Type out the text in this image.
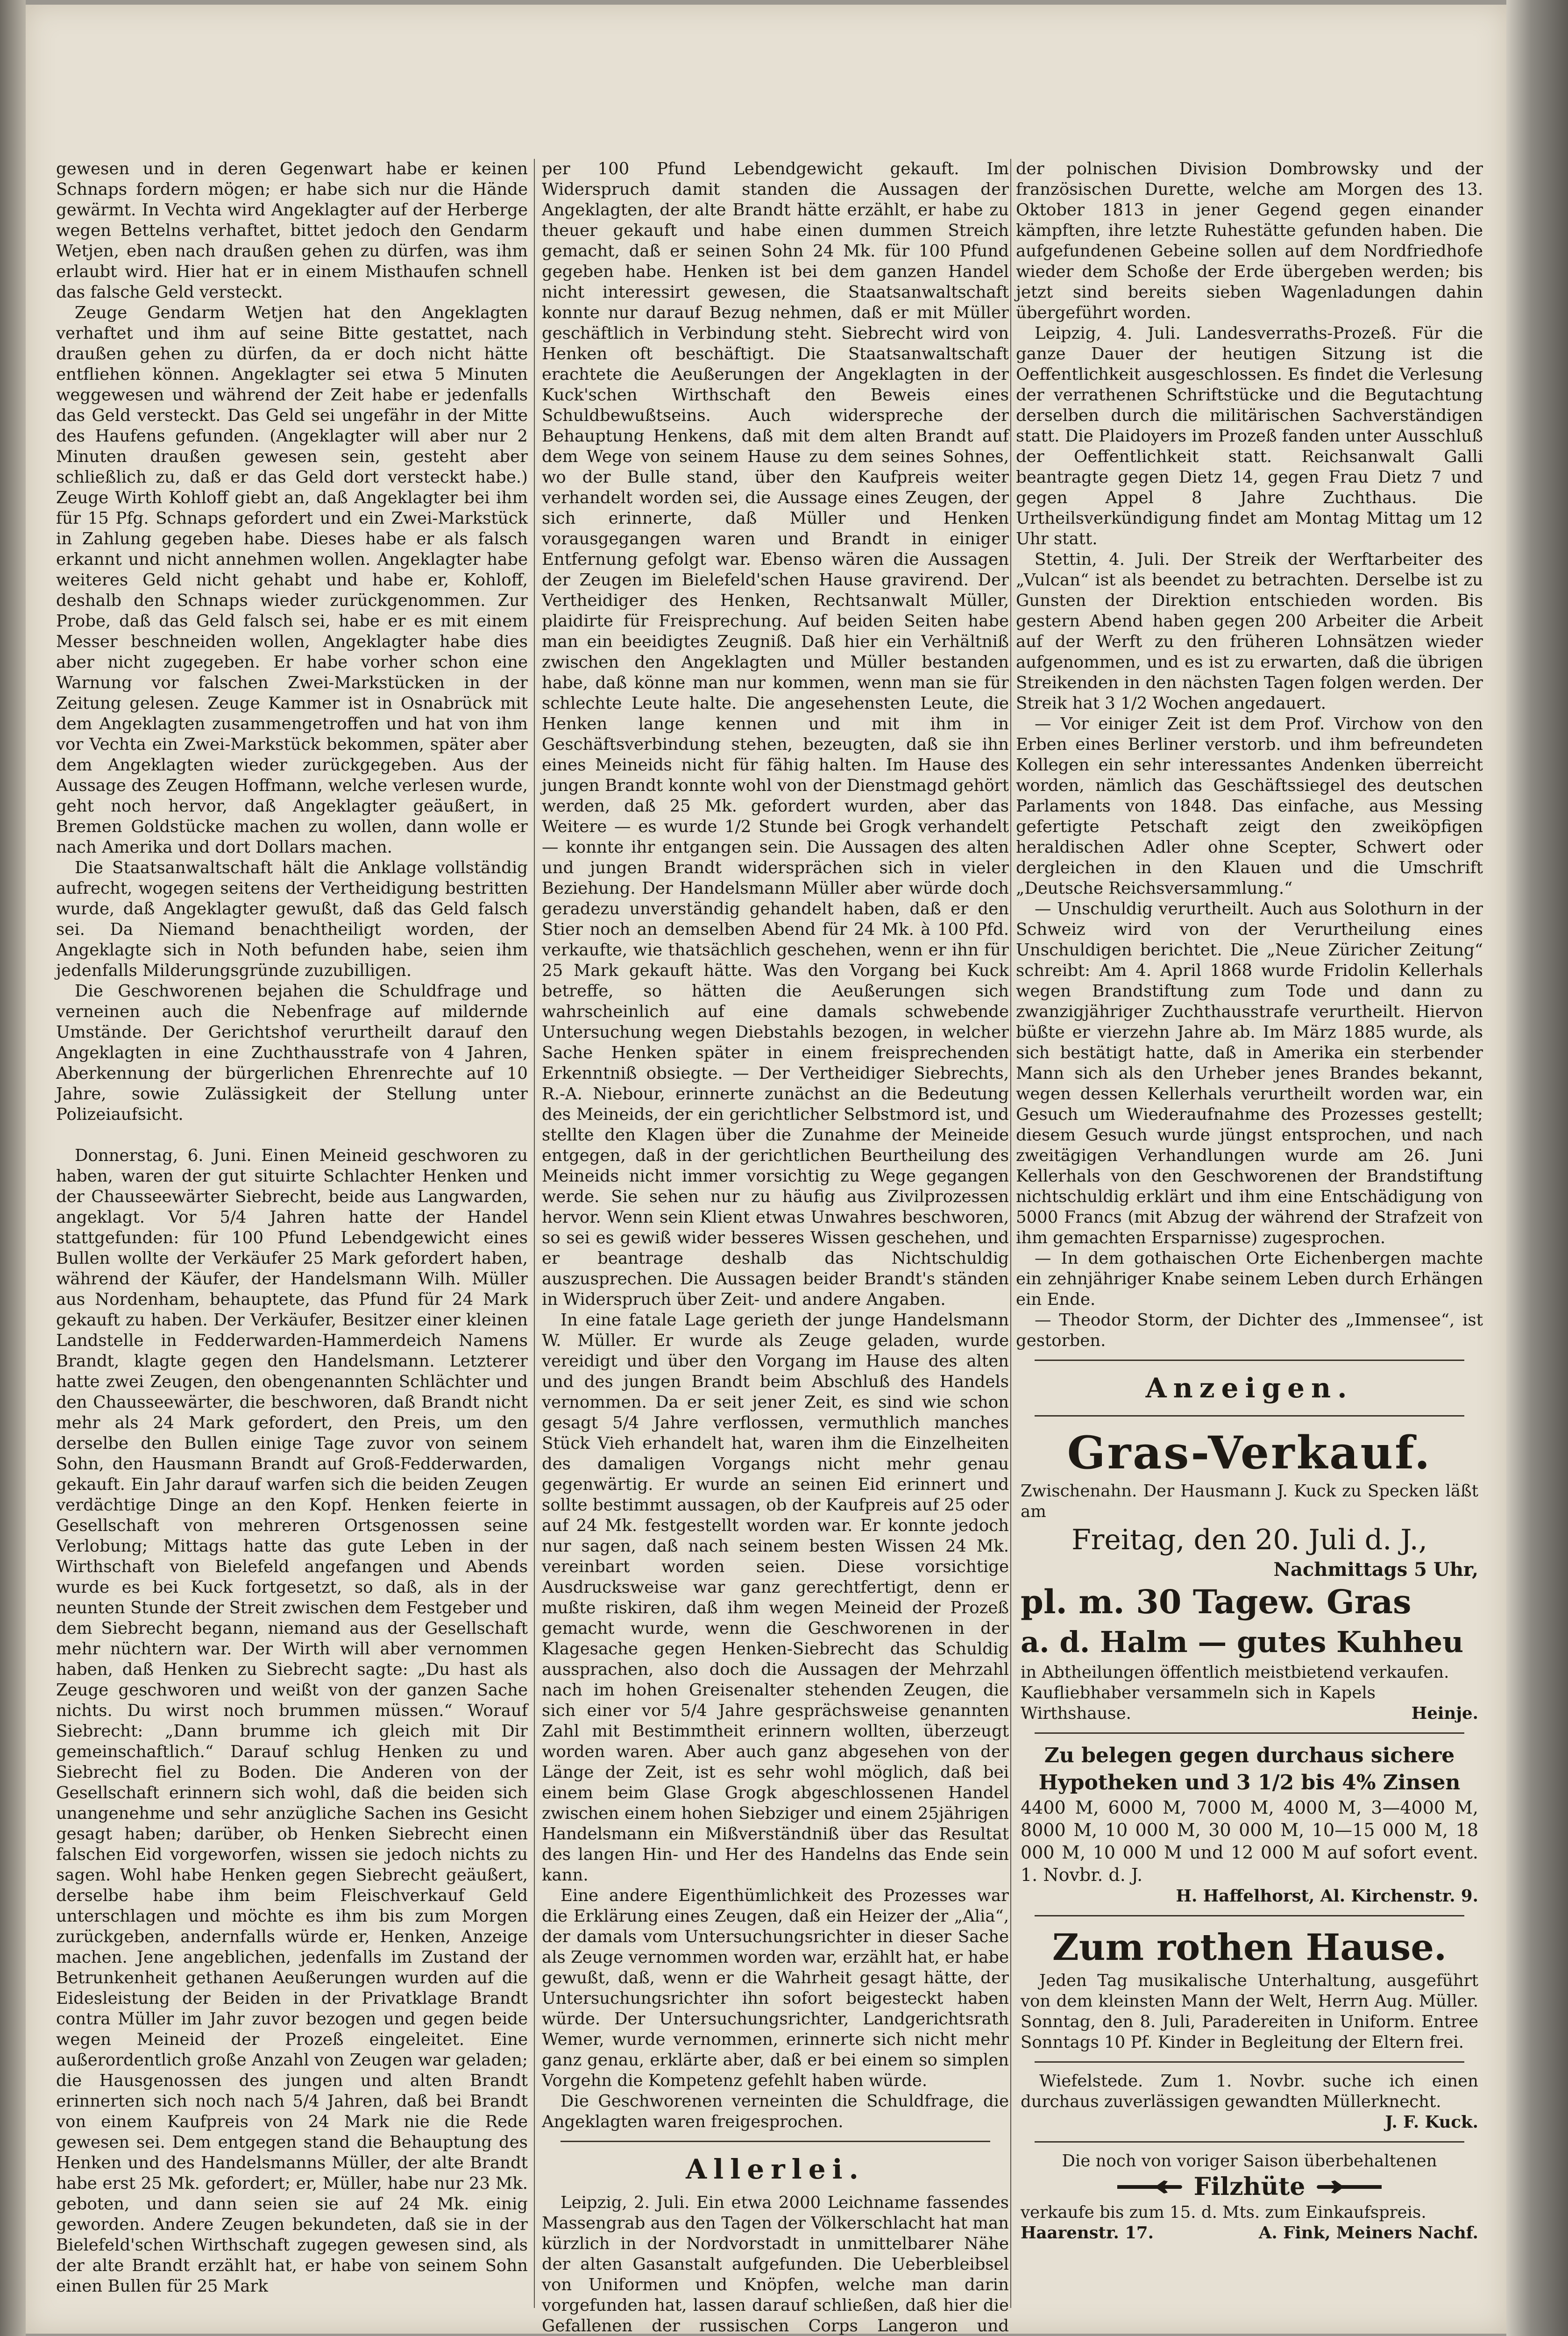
gewesen und in deren Gegenwart habe er keinen Schnaps fordern mögen; er habe sich nur die Hände gewärmt. In Vechta wird Angeklagter auf der Herberge wegen Bettelns verhaftet, bittet jedoch den Gendarm Wetjen, eben nach draußen gehen zu dürfen, was ihm erlaubt wird. Hier hat er in einem Misthaufen schnell das falsche Geld versteckt.

Zeuge Gendarm Wetjen hat den Angeklagten verhaftet und ihm auf seine Bitte gestattet, nach draußen gehen zu dürfen, da er doch nicht hätte entfliehen können. Angeklagter sei etwa 5 Minuten weggewesen und während der Zeit habe er jedenfalls das Geld versteckt. Das Geld sei ungefähr in der Mitte des Haufens gefunden. (Angeklagter will aber nur 2 Minuten draußen gewesen sein, gesteht aber schließlich zu, daß er das Geld dort versteckt habe.) Zeuge Wirth Kohloff giebt an, daß Angeklagter bei ihm für 15 Pfg. Schnaps gefordert und ein Zwei-Markstück in Zahlung gegeben habe. Dieses habe er als falsch erkannt und nicht annehmen wollen. Angeklagter habe weiteres Geld nicht gehabt und habe er, Kohloff, deshalb den Schnaps wieder zurückgenommen. Zur Probe, daß das Geld falsch sei, habe er es mit einem Messer beschneiden wollen, Angeklagter habe dies aber nicht zugegeben. Er habe vorher schon eine Warnung vor falschen Zwei-Markstücken in der Zeitung gelesen. Zeuge Kammer ist in Osnabrück mit dem Angeklagten zusammengetroffen und hat von ihm vor Vechta ein Zwei-Markstück bekommen, später aber dem Angeklagten wieder zurückgegeben. Aus der Aussage des Zeugen Hoffmann, welche verlesen wurde, geht noch hervor, daß Angeklagter geäußert, in Bremen Goldstücke machen zu wollen, dann wolle er nach Amerika und dort Dollars machen.

Die Staatsanwaltschaft hält die Anklage vollständig aufrecht, wogegen seitens der Vertheidigung bestritten wurde, daß Angeklagter gewußt, daß das Geld falsch sei. Da Niemand benachtheiligt worden, der Angeklagte sich in Noth befunden habe, seien ihm jedenfalls Milderungsgründe zuzubilligen.

Die Geschworenen bejahen die Schuldfrage und verneinen auch die Nebenfrage auf mildernde Umstände. Der Gerichtshof verurtheilt darauf den Angeklagten in eine Zuchthausstrafe von 4 Jahren, Aberkennung der bürgerlichen Ehrenrechte auf 10 Jahre, sowie Zulässigkeit der Stellung unter Polizeiaufsicht.

Donnerstag, 6. Juni. Einen Meineid geschworen zu haben, waren der gut situirte Schlachter Henken und der Chausseewärter Siebrecht, beide aus Langwarden, angeklagt. Vor 5/4 Jahren hatte der Handel stattgefunden: für 100 Pfund Lebendgewicht eines Bullen wollte der Verkäufer 25 Mark gefordert haben, während der Käufer, der Handelsmann Wilh. Müller aus Nordenham, behauptete, das Pfund für 24 Mark gekauft zu haben. Der Verkäufer, Besitzer einer kleinen Landstelle in Fedderwarden-Hammerdeich Namens Brandt, klagte gegen den Handelsmann. Letzterer hatte zwei Zeugen, den obengenannten Schlächter und den Chausseewärter, die beschworen, daß Brandt nicht mehr als 24 Mark gefordert, den Preis, um den derselbe den Bullen einige Tage zuvor von seinem Sohn, den Hausmann Brandt auf Groß-Fedderwarden, gekauft. Ein Jahr darauf warfen sich die beiden Zeugen verdächtige Dinge an den Kopf. Henken feierte in Gesellschaft von mehreren Ortsgenossen seine Verlobung; Mittags hatte das gute Leben in der Wirthschaft von Bielefeld angefangen und Abends wurde es bei Kuck fortgesetzt, so daß, als in der neunten Stunde der Streit zwischen dem Festgeber und dem Siebrecht begann, niemand aus der Gesellschaft mehr nüchtern war. Der Wirth will aber vernommen haben, daß Henken zu Siebrecht sagte: „Du hast als Zeuge geschworen und weißt von der ganzen Sache nichts. Du wirst noch brummen müssen.“ Worauf Siebrecht: „Dann brumme ich gleich mit Dir gemeinschaftlich.“ Darauf schlug Henken zu und Siebrecht fiel zu Boden. Die Anderen von der Gesellschaft erinnern sich wohl, daß die beiden sich unangenehme und sehr anzügliche Sachen ins Gesicht gesagt haben; darüber, ob Henken Siebrecht einen falschen Eid vorgeworfen, wissen sie jedoch nichts zu sagen. Wohl habe Henken gegen Siebrecht geäußert, derselbe habe ihm beim Fleischverkauf Geld unterschlagen und möchte es ihm bis zum Morgen zurückgeben, andernfalls würde er, Henken, Anzeige machen. Jene angeblichen, jedenfalls im Zustand der Betrunkenheit gethanen Aeußerungen wurden auf die Eidesleistung der Beiden in der Privatklage Brandt contra Müller im Jahr zuvor bezogen und gegen beide wegen Meineid der Prozeß eingeleitet. Eine außerordentlich große Anzahl von Zeugen war geladen; die Hausgenossen des jungen und alten Brandt erinnerten sich noch nach 5/4 Jahren, daß bei Brandt von einem Kaufpreis von 24 Mark nie die Rede gewesen sei. Dem entgegen stand die Behauptung des Henken und des Handelsmanns Müller, der alte Brandt habe erst 25 Mk. gefordert; er, Müller, habe nur 23 Mk. geboten, und dann seien sie auf 24 Mk. einig geworden. Andere Zeugen bekundeten, daß sie in der Bielefeld'schen Wirthschaft zugegen gewesen sind, als der alte Brandt erzählt hat, er habe von seinem Sohn einen Bullen für 25 Mark

per 100 Pfund Lebendgewicht gekauft. Im Widerspruch damit standen die Aussagen der Angeklagten, der alte Brandt hätte erzählt, er habe zu theuer gekauft und habe einen dummen Streich gemacht, daß er seinen Sohn 24 Mk. für 100 Pfund gegeben habe. Henken ist bei dem ganzen Handel nicht interessirt gewesen, die Staatsanwaltschaft konnte nur darauf Bezug nehmen, daß er mit Müller geschäftlich in Verbindung steht. Siebrecht wird von Henken oft beschäftigt. Die Staatsanwaltschaft erachtete die Aeußerungen der Angeklagten in der Kuck'schen Wirthschaft den Beweis eines Schuldbewußtseins. Auch widerspreche der Behauptung Henkens, daß mit dem alten Brandt auf dem Wege von seinem Hause zu dem seines Sohnes, wo der Bulle stand, über den Kaufpreis weiter verhandelt worden sei, die Aussage eines Zeugen, der sich erinnerte, daß Müller und Henken vorausgegangen waren und Brandt in einiger Entfernung gefolgt war. Ebenso wären die Aussagen der Zeugen im Bielefeld'schen Hause gravirend. Der Vertheidiger des Henken, Rechtsanwalt Müller, plaidirte für Freisprechung. Auf beiden Seiten habe man ein beeidigtes Zeugniß. Daß hier ein Verhältniß zwischen den Angeklagten und Müller bestanden habe, daß könne man nur kommen, wenn man sie für schlechte Leute halte. Die angesehensten Leute, die Henken lange kennen und mit ihm in Geschäftsverbindung stehen, bezeugten, daß sie ihn eines Meineids nicht für fähig halten. Im Hause des jungen Brandt konnte wohl von der Dienstmagd gehört werden, daß 25 Mk. gefordert wurden, aber das Weitere — es wurde 1/2 Stunde bei Grogk verhandelt — konnte ihr entgangen sein. Die Aussagen des alten und jungen Brandt widersprächen sich in vieler Beziehung. Der Handelsmann Müller aber würde doch geradezu unverständig gehandelt haben, daß er den Stier noch an demselben Abend für 24 Mk. à 100 Pfd. verkaufte, wie thatsächlich geschehen, wenn er ihn für 25 Mark gekauft hätte. Was den Vorgang bei Kuck betreffe, so hätten die Aeußerungen sich wahrscheinlich auf eine damals schwebende Untersuchung wegen Diebstahls bezogen, in welcher Sache Henken später in einem freisprechenden Erkenntniß obsiegte. — Der Vertheidiger Siebrechts, R.-A. Niebour, erinnerte zunächst an die Bedeutung des Meineids, der ein gerichtlicher Selbstmord ist, und stellte den Klagen über die Zunahme der Meineide entgegen, daß in der gerichtlichen Beurtheilung des Meineids nicht immer vorsichtig zu Wege gegangen werde. Sie sehen nur zu häufig aus Zivilprozessen hervor. Wenn sein Klient etwas Unwahres beschworen, so sei es gewiß wider besseres Wissen geschehen, und er beantrage deshalb das Nichtschuldig auszusprechen. Die Aussagen beider Brandt's ständen in Widerspruch über Zeit- und andere Angaben.

In eine fatale Lage gerieth der junge Handelsmann W. Müller. Er wurde als Zeuge geladen, wurde vereidigt und über den Vorgang im Hause des alten und des jungen Brandt beim Abschluß des Handels vernommen. Da er seit jener Zeit, es sind wie schon gesagt 5/4 Jahre verflossen, vermuthlich manches Stück Vieh erhandelt hat, waren ihm die Einzelheiten des damaligen Vorgangs nicht mehr genau gegenwärtig. Er wurde an seinen Eid erinnert und sollte bestimmt aussagen, ob der Kaufpreis auf 25 oder auf 24 Mk. festgestellt worden war. Er konnte jedoch nur sagen, daß nach seinem besten Wissen 24 Mk. vereinbart worden seien. Diese vorsichtige Ausdrucksweise war ganz gerechtfertigt, denn er mußte riskiren, daß ihm wegen Meineid der Prozeß gemacht wurde, wenn die Geschworenen in der Klagesache gegen Henken-Siebrecht das Schuldig aussprachen, also doch die Aussagen der Mehrzahl nach im hohen Greisenalter stehenden Zeugen, die sich einer vor 5/4 Jahre gesprächsweise genannten Zahl mit Bestimmtheit erinnern wollten, überzeugt worden waren. Aber auch ganz abgesehen von der Länge der Zeit, ist es sehr wohl möglich, daß bei einem beim Glase Grogk abgeschlossenen Handel zwischen einem hohen Siebziger und einem 25jährigen Handelsmann ein Mißverständniß über das Resultat des langen Hin- und Her des Handelns das Ende sein kann.

Eine andere Eigenthümlichkeit des Prozesses war die Erklärung eines Zeugen, daß ein Heizer der „Alia“, der damals vom Untersuchungsrichter in dieser Sache als Zeuge vernommen worden war, erzählt hat, er habe gewußt, daß, wenn er die Wahrheit gesagt hätte, der Untersuchungsrichter ihn sofort beigesteckt haben würde. Der Untersuchungsrichter, Landgerichtsrath Wemer, wurde vernommen, erinnerte sich nicht mehr ganz genau, erklärte aber, daß er bei einem so simplen Vorgehn die Kompetenz gefehlt haben würde.

Die Geschworenen verneinten die Schuldfrage, die Angeklagten waren freigesprochen.

Allerlei.

Leipzig, 2. Juli. Ein etwa 2000 Leichname fassendes Massengrab aus den Tagen der Völkerschlacht hat man kürzlich in der Nordvorstadt in unmittelbarer Nähe der alten Gasanstalt aufgefunden. Die Ueberbleibsel von Uniformen und Knöpfen, welche man darin vorgefunden hat, lassen darauf schließen, daß hier die Gefallenen der russischen Corps Langeron und

der polnischen Division Dombrowsky und der französischen Durette, welche am Morgen des 13. Oktober 1813 in jener Gegend gegen einander kämpften, ihre letzte Ruhestätte gefunden haben. Die aufgefundenen Gebeine sollen auf dem Nordfriedhofe wieder dem Schoße der Erde übergeben werden; bis jetzt sind bereits sieben Wagenladungen dahin übergeführt worden.

Leipzig, 4. Juli. Landesverraths-Prozeß. Für die ganze Dauer der heutigen Sitzung ist die Oeffentlichkeit ausgeschlossen. Es findet die Verlesung der verrathenen Schriftstücke und die Begutachtung derselben durch die militärischen Sachverständigen statt. Die Plaidoyers im Prozeß fanden unter Ausschluß der Oeffentlichkeit statt. Reichsanwalt Galli beantragte gegen Dietz 14, gegen Frau Dietz 7 und gegen Appel 8 Jahre Zuchthaus. Die Urtheilsverkündigung findet am Montag Mittag um 12 Uhr statt.

Stettin, 4. Juli. Der Streik der Werftarbeiter des „Vulcan“ ist als beendet zu betrachten. Derselbe ist zu Gunsten der Direktion entschieden worden. Bis gestern Abend haben gegen 200 Arbeiter die Arbeit auf der Werft zu den früheren Lohnsätzen wieder aufgenommen, und es ist zu erwarten, daß die übrigen Streikenden in den nächsten Tagen folgen werden. Der Streik hat 3 1/2 Wochen angedauert.

— Vor einiger Zeit ist dem Prof. Virchow von den Erben eines Berliner verstorb. und ihm befreundeten Kollegen ein sehr interessantes Andenken überreicht worden, nämlich das Geschäftssiegel des deutschen Parlaments von 1848. Das einfache, aus Messing gefertigte Petschaft zeigt den zweiköpfigen heraldischen Adler ohne Scepter, Schwert oder dergleichen in den Klauen und die Umschrift „Deutsche Reichsversammlung.“

— Unschuldig verurtheilt. Auch aus Solothurn in der Schweiz wird von der Verurtheilung eines Unschuldigen berichtet. Die „Neue Züricher Zeitung“ schreibt: Am 4. April 1868 wurde Fridolin Kellerhals wegen Brandstiftung zum Tode und dann zu zwanzigjähriger Zuchthausstrafe verurtheilt. Hiervon büßte er vierzehn Jahre ab. Im März 1885 wurde, als sich bestätigt hatte, daß in Amerika ein sterbender Mann sich als den Urheber jenes Brandes bekannt, wegen dessen Kellerhals verurtheilt worden war, ein Gesuch um Wiederaufnahme des Prozesses gestellt; diesem Gesuch wurde jüngst entsprochen, und nach zweitägigen Verhandlungen wurde am 26. Juni Kellerhals von den Geschworenen der Brandstiftung nichtschuldig erklärt und ihm eine Entschädigung von 5000 Francs (mit Abzug der während der Strafzeit von ihm gemachten Ersparnisse) zugesprochen.

— In dem gothaischen Orte Eichenbergen machte ein zehnjähriger Knabe seinem Leben durch Erhängen ein Ende.

— Theodor Storm, der Dichter des „Immensee“, ist gestorben.

Anzeigen.
Gras-Verkauf.

Zwischenahn. Der Hausmann J. Kuck zu Specken läßt am

Freitag, den 20. Juli d. J.,
Nachmittags 5 Uhr,
pl. m. 30 Tagew. Gras
a. d. Halm — gutes Kuhheu

in Abtheilungen öffentlich meistbietend verkaufen.

Kaufliebhaber versammeln sich in Kapels Wirthshause.	Heinje.
Zu belegen gegen durchaus sichere Hypotheken und 3 1/2 bis 4% Zinsen

4400 M, 6000 M, 7000 M, 4000 M, 3—4000 M, 8000 M, 10 000 M, 30 000 M, 10—15 000 M, 18 000 M, 10 000 M und 12 000 M auf sofort event. 1. Novbr. d. J.

H. Haffelhorst, Al. Kirchenstr. 9.
Zum rothen Hause.

Jeden Tag musikalische Unterhaltung, ausgeführt von dem kleinsten Mann der Welt, Herrn Aug. Müller. Sonntag, den 8. Juli, Paradereiten in Uniform. Entree Sonntags 10 Pf. Kinder in Begleitung der Eltern frei.

Wiefelstede. Zum 1. Novbr. suche ich einen durchaus zuverlässigen gewandten Müllerknecht.

J. F. Kuck.
Die noch von voriger Saison überbehaltenen
Filzhüte

verkaufe bis zum 15. d. Mts. zum Einkaufspreis.

Haarenstr. 17.	A. Fink, Meiners Nachf.
